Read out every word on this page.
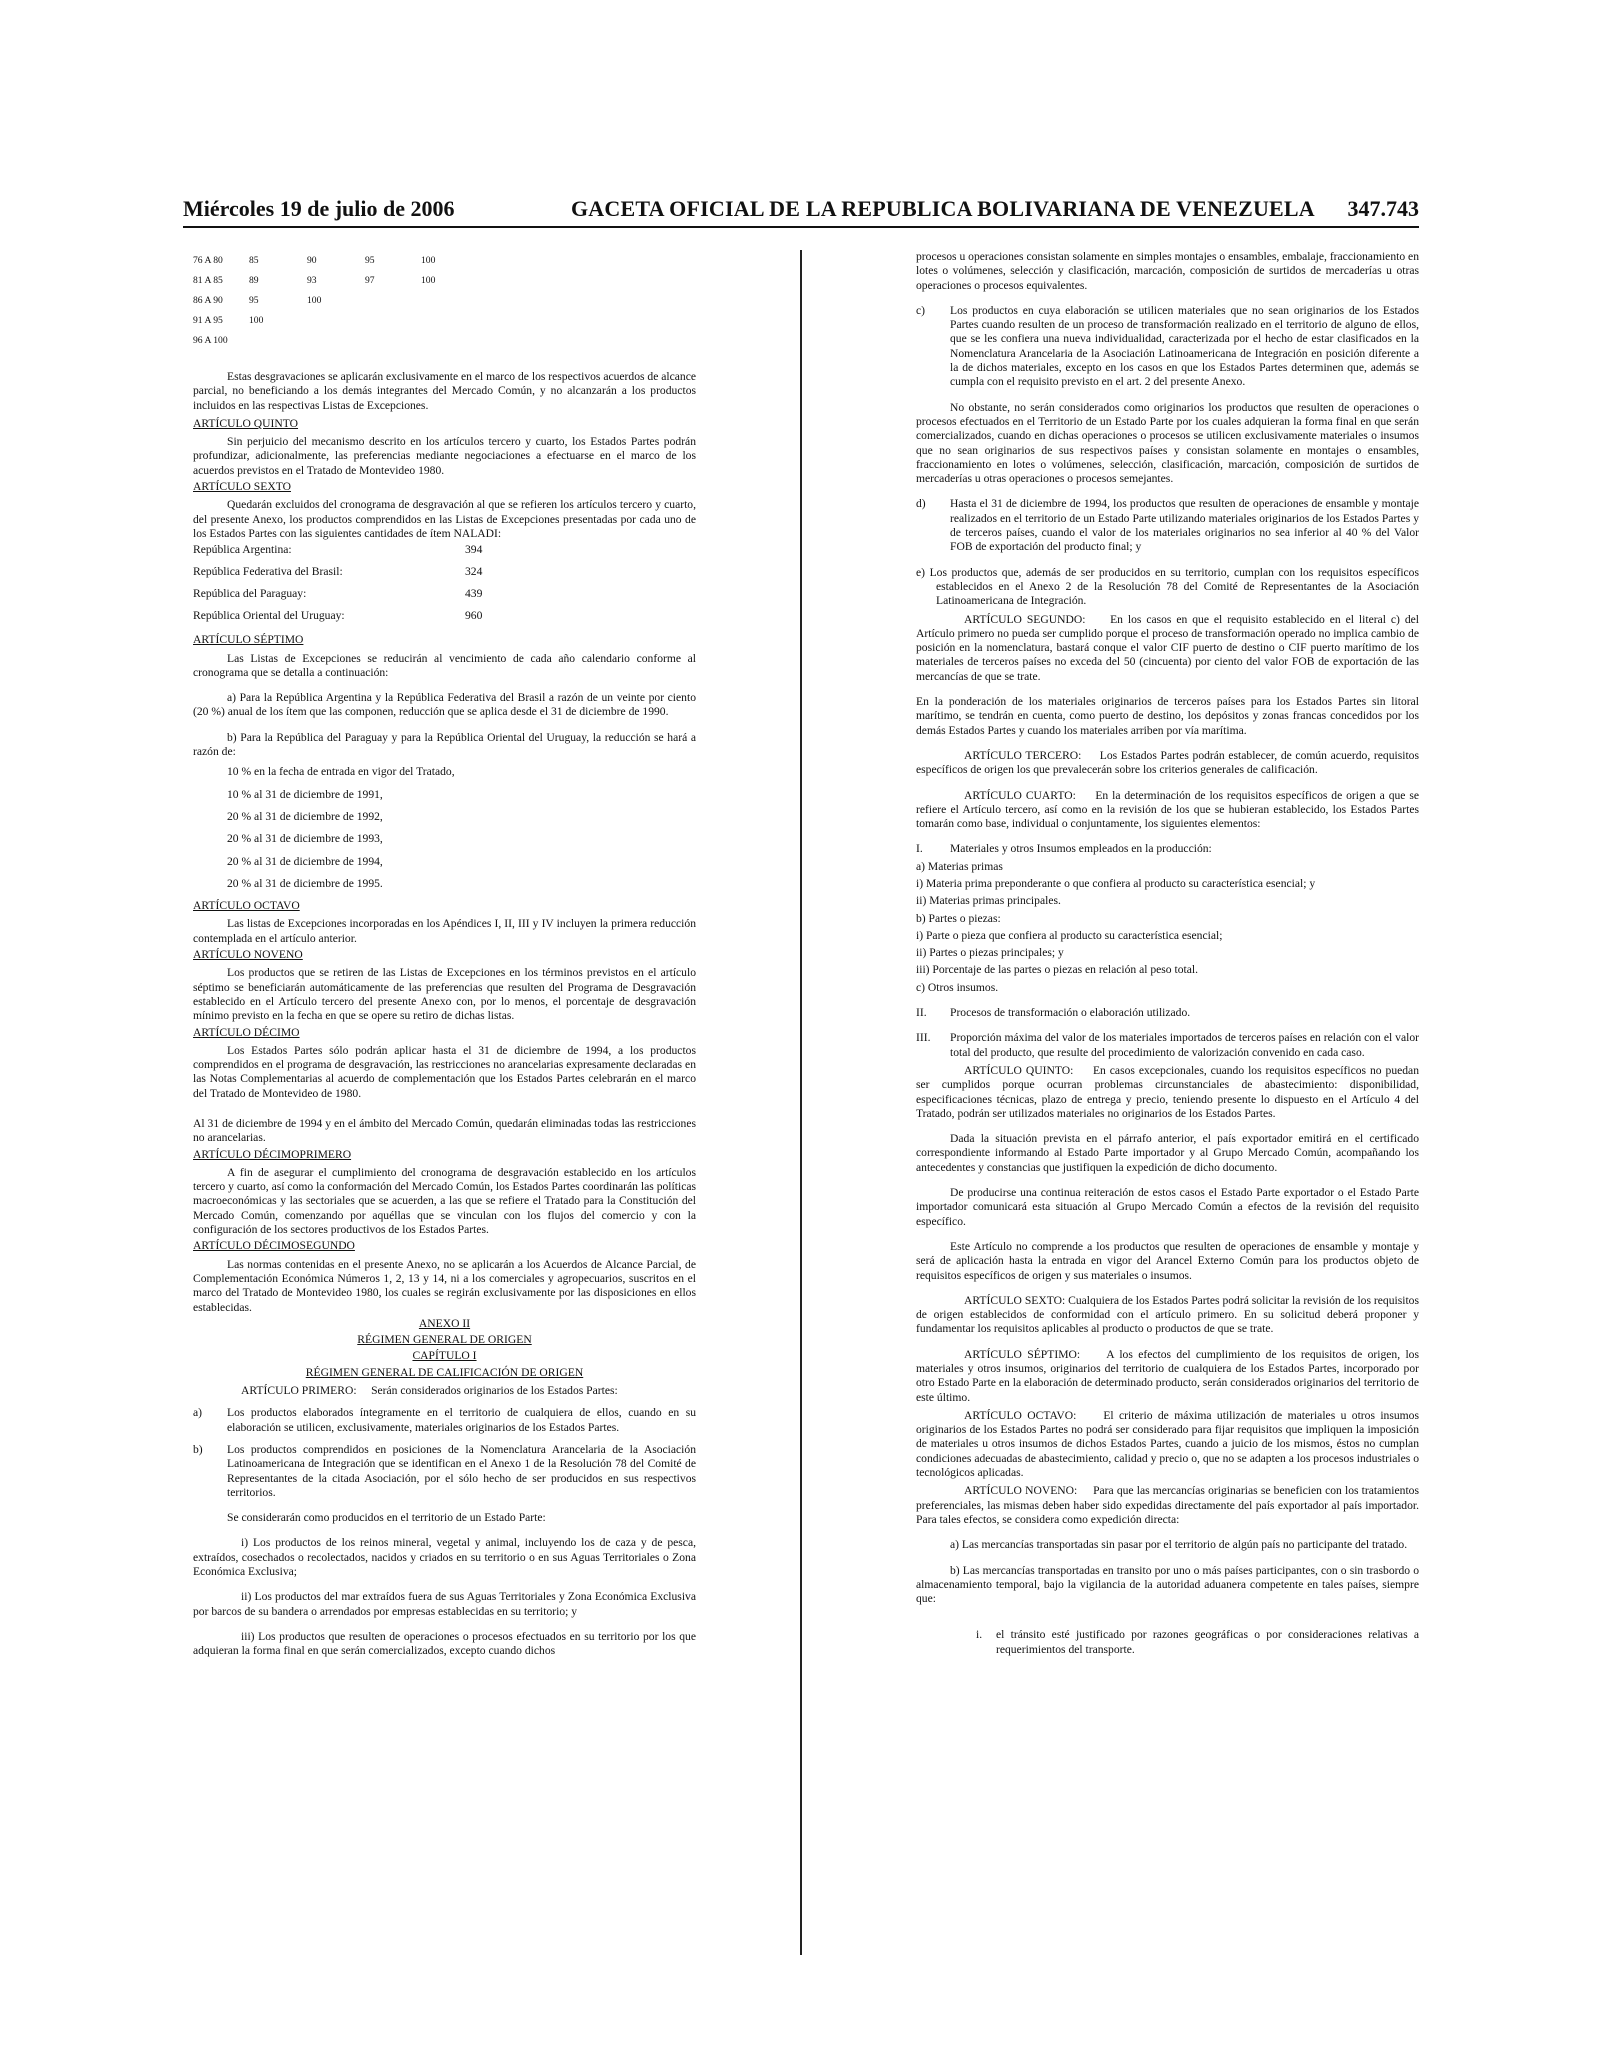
Miércoles 19 de julio de 2006	GACETA OFICIAL DE LA REPUBLICA BOLIVARIANA DE VENEZUELA 347.743
76 A 80	85	90	95	100
81 A 85	89	93	97	100
86 A 90	95	100		
91 A 95	100			
96 A 100				

Estas desgravaciones se aplicarán exclusivamente en el marco de los respectivos acuerdos de alcance parcial, no beneficiando a los demás integrantes del Mercado Común, y no alcanzarán a los productos incluidos en las respectivas Listas de Excepciones.

ARTÍCULO QUINTO

Sin perjuicio del mecanismo descrito en los artículos tercero y cuarto, los Estados Partes podrán profundizar, adicionalmente, las preferencias mediante negociaciones a efectuarse en el marco de los acuerdos previstos en el Tratado de Montevideo 1980.

ARTÍCULO SEXTO

Quedarán excluidos del cronograma de desgravación al que se refieren los artículos tercero y cuarto, del presente Anexo, los productos comprendidos en las Listas de Excepciones presentadas por cada uno de los Estados Partes con las siguientes cantidades de ítem NALADI:

República Argentina:	394
República Federativa del Brasil:	324
República del Paraguay:	439
República Oriental del Uruguay:	960

ARTÍCULO SÉPTIMO

Las Listas de Excepciones se reducirán al vencimiento de cada año calendario conforme al cronograma que se detalla a continuación:

a) Para la República Argentina y la República Federativa del Brasil a razón de un veinte por ciento (20 %) anual de los ítem que las componen, reducción que se aplica desde el 31 de diciembre de 1990.

b) Para la República del Paraguay y para la República Oriental del Uruguay, la reducción se hará a razón de:

10 % en la fecha de entrada en vigor del Tratado,

10 % al 31 de diciembre de 1991,

20 % al 31 de diciembre de 1992,

20 % al 31 de diciembre de 1993,

20 % al 31 de diciembre de 1994,

20 % al 31 de diciembre de 1995.

ARTÍCULO OCTAVO

Las listas de Excepciones incorporadas en los Apéndices I, II, III y IV incluyen la primera reducción contemplada en el artículo anterior.

ARTÍCULO NOVENO

Los productos que se retiren de las Listas de Excepciones en los términos previstos en el artículo séptimo se beneficiarán automáticamente de las preferencias que resulten del Programa de Desgravación establecido en el Artículo tercero del presente Anexo con, por lo menos, el porcentaje de desgravación mínimo previsto en la fecha en que se opere su retiro de dichas listas.

ARTÍCULO DÉCIMO

Los Estados Partes sólo podrán aplicar hasta el 31 de diciembre de 1994, a los productos comprendidos en el programa de desgravación, las restricciones no arancelarias expresamente declaradas en las Notas Complementarias al acuerdo de complementación que los Estados Partes celebrarán en el marco del Tratado de Montevideo de 1980.

Al 31 de diciembre de 1994 y en el ámbito del Mercado Común, quedarán eliminadas todas las restricciones no arancelarias.

ARTÍCULO DÉCIMOPRIMERO

A fin de asegurar el cumplimiento del cronograma de desgravación establecido en los artículos tercero y cuarto, así como la conformación del Mercado Común, los Estados Partes coordinarán las políticas macroeconómicas y las sectoriales que se acuerden, a las que se refiere el Tratado para la Constitución del Mercado Común, comenzando por aquéllas que se vinculan con los flujos del comercio y con la configuración de los sectores productivos de los Estados Partes.

ARTÍCULO DÉCIMOSEGUNDO

Las normas contenidas en el presente Anexo, no se aplicarán a los Acuerdos de Alcance Parcial, de Complementación Económica Números 1, 2, 13 y 14, ni a los comerciales y agropecuarios, suscritos en el marco del Tratado de Montevideo 1980, los cuales se regirán exclusivamente por las disposiciones en ellos establecidas.

ANEXO II

RÉGIMEN GENERAL DE ORIGEN

CAPÍTULO I

RÉGIMEN GENERAL DE CALIFICACIÓN DE ORIGEN

ARTÍCULO PRIMERO: Serán considerados originarios de los Estados Partes:

a)	Los productos elaborados íntegramente en el territorio de cualquiera de ellos, cuando en su elaboración se utilicen, exclusivamente, materiales originarios de los Estados Partes.
b)	Los productos comprendidos en posiciones de la Nomenclatura Arancelaria de la Asociación Latinoamericana de Integración que se identifican en el Anexo 1 de la Resolución 78 del Comité de Representantes de la citada Asociación, por el sólo hecho de ser producidos en sus respectivos territorios.

Se considerarán como producidos en el territorio de un Estado Parte:

i) Los productos de los reinos mineral, vegetal y animal, incluyendo los de caza y de pesca, extraídos, cosechados o recolectados, nacidos y criados en su territorio o en sus Aguas Territoriales o Zona Económica Exclusiva;

ii) Los productos del mar extraídos fuera de sus Aguas Territoriales y Zona Económica Exclusiva por barcos de su bandera o arrendados por empresas establecidas en su territorio; y

iii) Los productos que resulten de operaciones o procesos efectuados en su territorio por los que adquieran la forma final en que serán comercializados, excepto cuando dichos

procesos u operaciones consistan solamente en simples montajes o ensambles, embalaje, fraccionamiento en lotes o volúmenes, selección y clasificación, marcación, composición de surtidos de mercaderías u otras operaciones o procesos equivalentes.

c)	Los productos en cuya elaboración se utilicen materiales que no sean originarios de los Estados Partes cuando resulten de un proceso de transformación realizado en el territorio de alguno de ellos, que se les confiera una nueva individualidad, caracterizada por el hecho de estar clasificados en la Nomenclatura Arancelaria de la Asociación Latinoamericana de Integración en posición diferente a la de dichos materiales, excepto en los casos en que los Estados Partes determinen que, además se cumpla con el requisito previsto en el art. 2 del presente Anexo.

No obstante, no serán considerados como originarios los productos que resulten de operaciones o procesos efectuados en el Territorio de un Estado Parte por los cuales adquieran la forma final en que serán comercializados, cuando en dichas operaciones o procesos se utilicen exclusivamente materiales o insumos que no sean originarios de sus respectivos países y consistan solamente en montajes o ensambles, fraccionamiento en lotes o volúmenes, selección, clasificación, marcación, composición de surtidos de mercaderías u otras operaciones o procesos semejantes.

d)	Hasta el 31 de diciembre de 1994, los productos que resulten de operaciones de ensamble y montaje realizados en el territorio de un Estado Parte utilizando materiales originarios de los Estados Partes y de terceros países, cuando el valor de los materiales originarios no sea inferior al 40 % del Valor FOB de exportación del producto final; y

e) Los productos que, además de ser producidos en su territorio, cumplan con los requisitos específicos establecidos en el Anexo 2 de la Resolución 78 del Comité de Representantes de la Asociación Latinoamericana de Integración.

ARTÍCULO SEGUNDO: En los casos en que el requisito establecido en el literal c) del Artículo primero no pueda ser cumplido porque el proceso de transformación operado no implica cambio de posición en la nomenclatura, bastará conque el valor CIF puerto de destino o CIF puerto marítimo de los materiales de terceros países no exceda del 50 (cincuenta) por ciento del valor FOB de exportación de las mercancías de que se trate.

En la ponderación de los materiales originarios de terceros países para los Estados Partes sin litoral marítimo, se tendrán en cuenta, como puerto de destino, los depósitos y zonas francas concedidos por los demás Estados Partes y cuando los materiales arriben por vía marítima.

ARTÍCULO TERCERO: Los Estados Partes podrán establecer, de común acuerdo, requisitos específicos de origen los que prevalecerán sobre los criterios generales de calificación.

ARTÍCULO CUARTO: En la determinación de los requisitos específicos de origen a que se refiere el Artículo tercero, así como en la revisión de los que se hubieran establecido, los Estados Partes tomarán como base, individual o conjuntamente, los siguientes elementos:

I.	Materiales y otros Insumos empleados en la producción:

a) Materias primas

i) Materia prima preponderante o que confiera al producto su característica esencial; y

ii) Materias primas principales.

b) Partes o piezas:

i) Parte o pieza que confiera al producto su característica esencial;

ii) Partes o piezas principales; y

iii) Porcentaje de las partes o piezas en relación al peso total.

c) Otros insumos.

II.	Procesos de transformación o elaboración utilizado.
III.	Proporción máxima del valor de los materiales importados de terceros países en relación con el valor total del producto, que resulte del procedimiento de valorización convenido en cada caso.

ARTÍCULO QUINTO: En casos excepcionales, cuando los requisitos específicos no puedan ser cumplidos porque ocurran problemas circunstanciales de abastecimiento: disponibilidad, especificaciones técnicas, plazo de entrega y precio, teniendo presente lo dispuesto en el Artículo 4 del Tratado, podrán ser utilizados materiales no originarios de los Estados Partes.

Dada la situación prevista en el párrafo anterior, el país exportador emitirá en el certificado correspondiente informando al Estado Parte importador y al Grupo Mercado Común, acompañando los antecedentes y constancias que justifiquen la expedición de dicho documento.

De producirse una continua reiteración de estos casos el Estado Parte exportador o el Estado Parte importador comunicará esta situación al Grupo Mercado Común a efectos de la revisión del requisito específico.

Este Artículo no comprende a los productos que resulten de operaciones de ensamble y montaje y será de aplicación hasta la entrada en vigor del Arancel Externo Común para los productos objeto de requisitos específicos de origen y sus materiales o insumos.

ARTÍCULO SEXTO: Cualquiera de los Estados Partes podrá solicitar la revisión de los requisitos de origen establecidos de conformidad con el artículo primero. En su solicitud deberá proponer y fundamentar los requisitos aplicables al producto o productos de que se trate.

ARTÍCULO SÉPTIMO: A los efectos del cumplimiento de los requisitos de origen, los materiales y otros insumos, originarios del territorio de cualquiera de los Estados Partes, incorporado por otro Estado Parte en la elaboración de determinado producto, serán considerados originarios del territorio de este último.

ARTÍCULO OCTAVO: El criterio de máxima utilización de materiales u otros insumos originarios de los Estados Partes no podrá ser considerado para fijar requisitos que impliquen la imposición de materiales u otros insumos de dichos Estados Partes, cuando a juicio de los mismos, éstos no cumplan condiciones adecuadas de abastecimiento, calidad y precio o, que no se adapten a los procesos industriales o tecnológicos aplicadas.

ARTÍCULO NOVENO: Para que las mercancías originarias se beneficien con los tratamientos preferenciales, las mismas deben haber sido expedidas directamente del país exportador al país importador. Para tales efectos, se considera como expedición directa:

a) Las mercancías transportadas sin pasar por el territorio de algún país no participante del tratado.

b) Las mercancías transportadas en transito por uno o más países participantes, con o sin trasbordo o almacenamiento temporal, bajo la vigilancia de la autoridad aduanera competente en tales países, siempre que:

i.	el tránsito esté justificado por razones geográficas o por consideraciones relativas a requerimientos del transporte.
